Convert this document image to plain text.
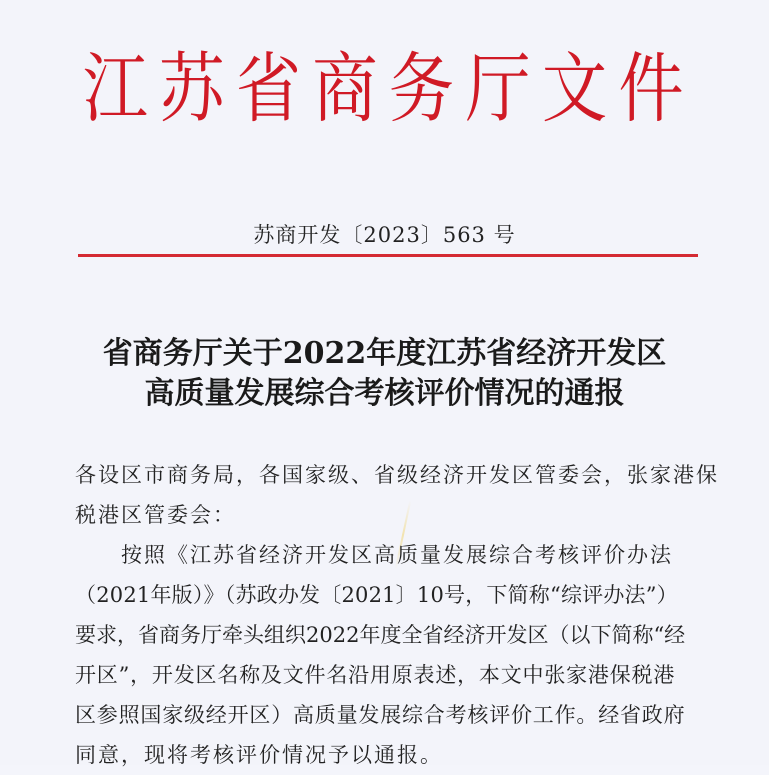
江苏省商务厅文件
苏商开发〔2023〕563 号
省商务厅关于2022年度江苏省经济开发区
高质量发展综合考核评价情况的通报
各设区市商务局，各国家级、省级经济开发区管委会，张家港保
税港区管委会：
按照《江苏省经济开发区高质量发展综合考核评价办法
（2021年版）》（苏政办发〔2021〕10号，下简称“综评办法”）
要求，省商务厅牵头组织2022年度全省经济开发区（以下简称“经
开区”，开发区名称及文件名沿用原表述，本文中张家港保税港
区参照国家级经开区）高质量发展综合考核评价工作。经省政府
同意，现将考核评价情况予以通报。
